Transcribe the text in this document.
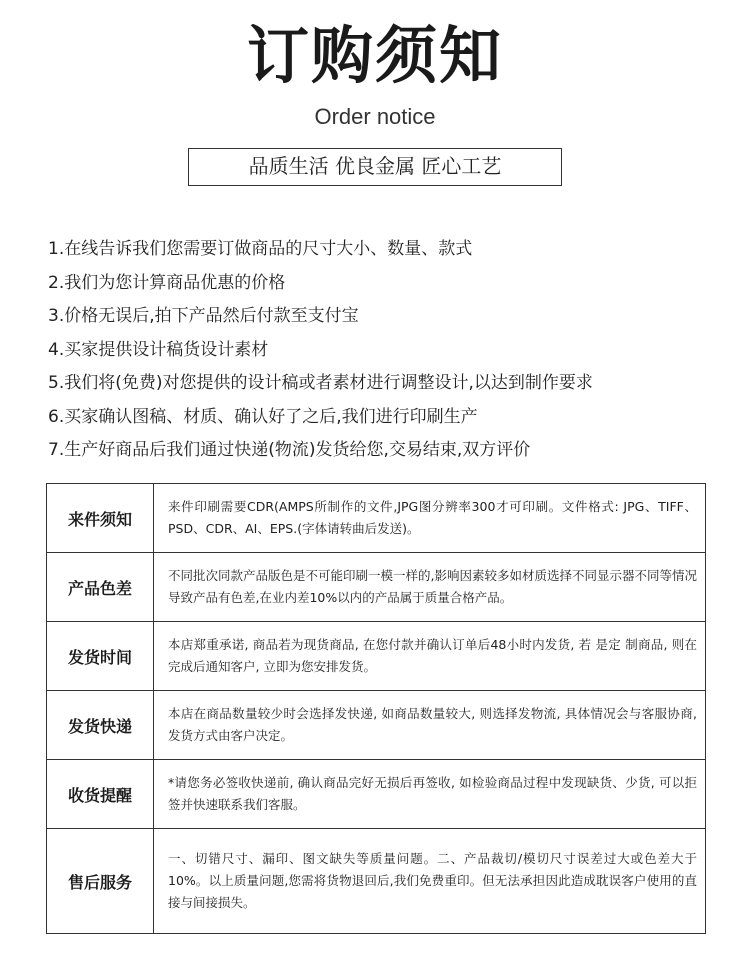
订购须知
Order notice
品质生活 优良金属 匠心工艺
1.在线告诉我们您需要订做商品的尺寸大小、数量、款式
2.我们为您计算商品优惠的价格
3.价格无误后,拍下产品然后付款至支付宝
4.买家提供设计稿货设计素材
5.我们将(免费)对您提供的设计稿或者素材进行调整设计,以达到制作要求
6.买家确认图稿、材质、确认好了之后,我们进行印刷生产
7.生产好商品后我们通过快递(物流)发货给您,交易结束,双方评价
来件须知	来件印刷需要CDR(AMPS所制作的文件,JPG图分辨率300才可印刷。文件格式: JPG、TIFF、PSD、CDR、AI、EPS.(字体请转曲后发送)。
产品色差	不同批次同款产品版色是不可能印刷一模一样的,影响因素较多如材质选择不同显示器不同等情况导致产品有色差,在业内差10%以内的产品属于质量合格产品。
发货时间	本店郑重承诺, 商品若为现货商品, 在您付款并确认订单后48小时内发货, 若 是定 制商品, 则在完成后通知客户, 立即为您安排发货。
发货快递	本店在商品数量较少时会选择发快递, 如商品数量较大, 则选择发物流, 具体情况会与客服协商, 发货方式由客户决定。
收货提醒	*请您务必签收快递前, 确认商品完好无损后再签收, 如检验商品过程中发现缺货、少货, 可以拒签并快速联系我们客服。
售后服务	一、切错尺寸、漏印、图文缺失等质量问题。二、产品裁切/模切尺寸误差过大或色差大于10%。以上质量问题,您需将货物退回后,我们免费重印。但无法承担因此造成耽误客户使用的直接与间接损失。
